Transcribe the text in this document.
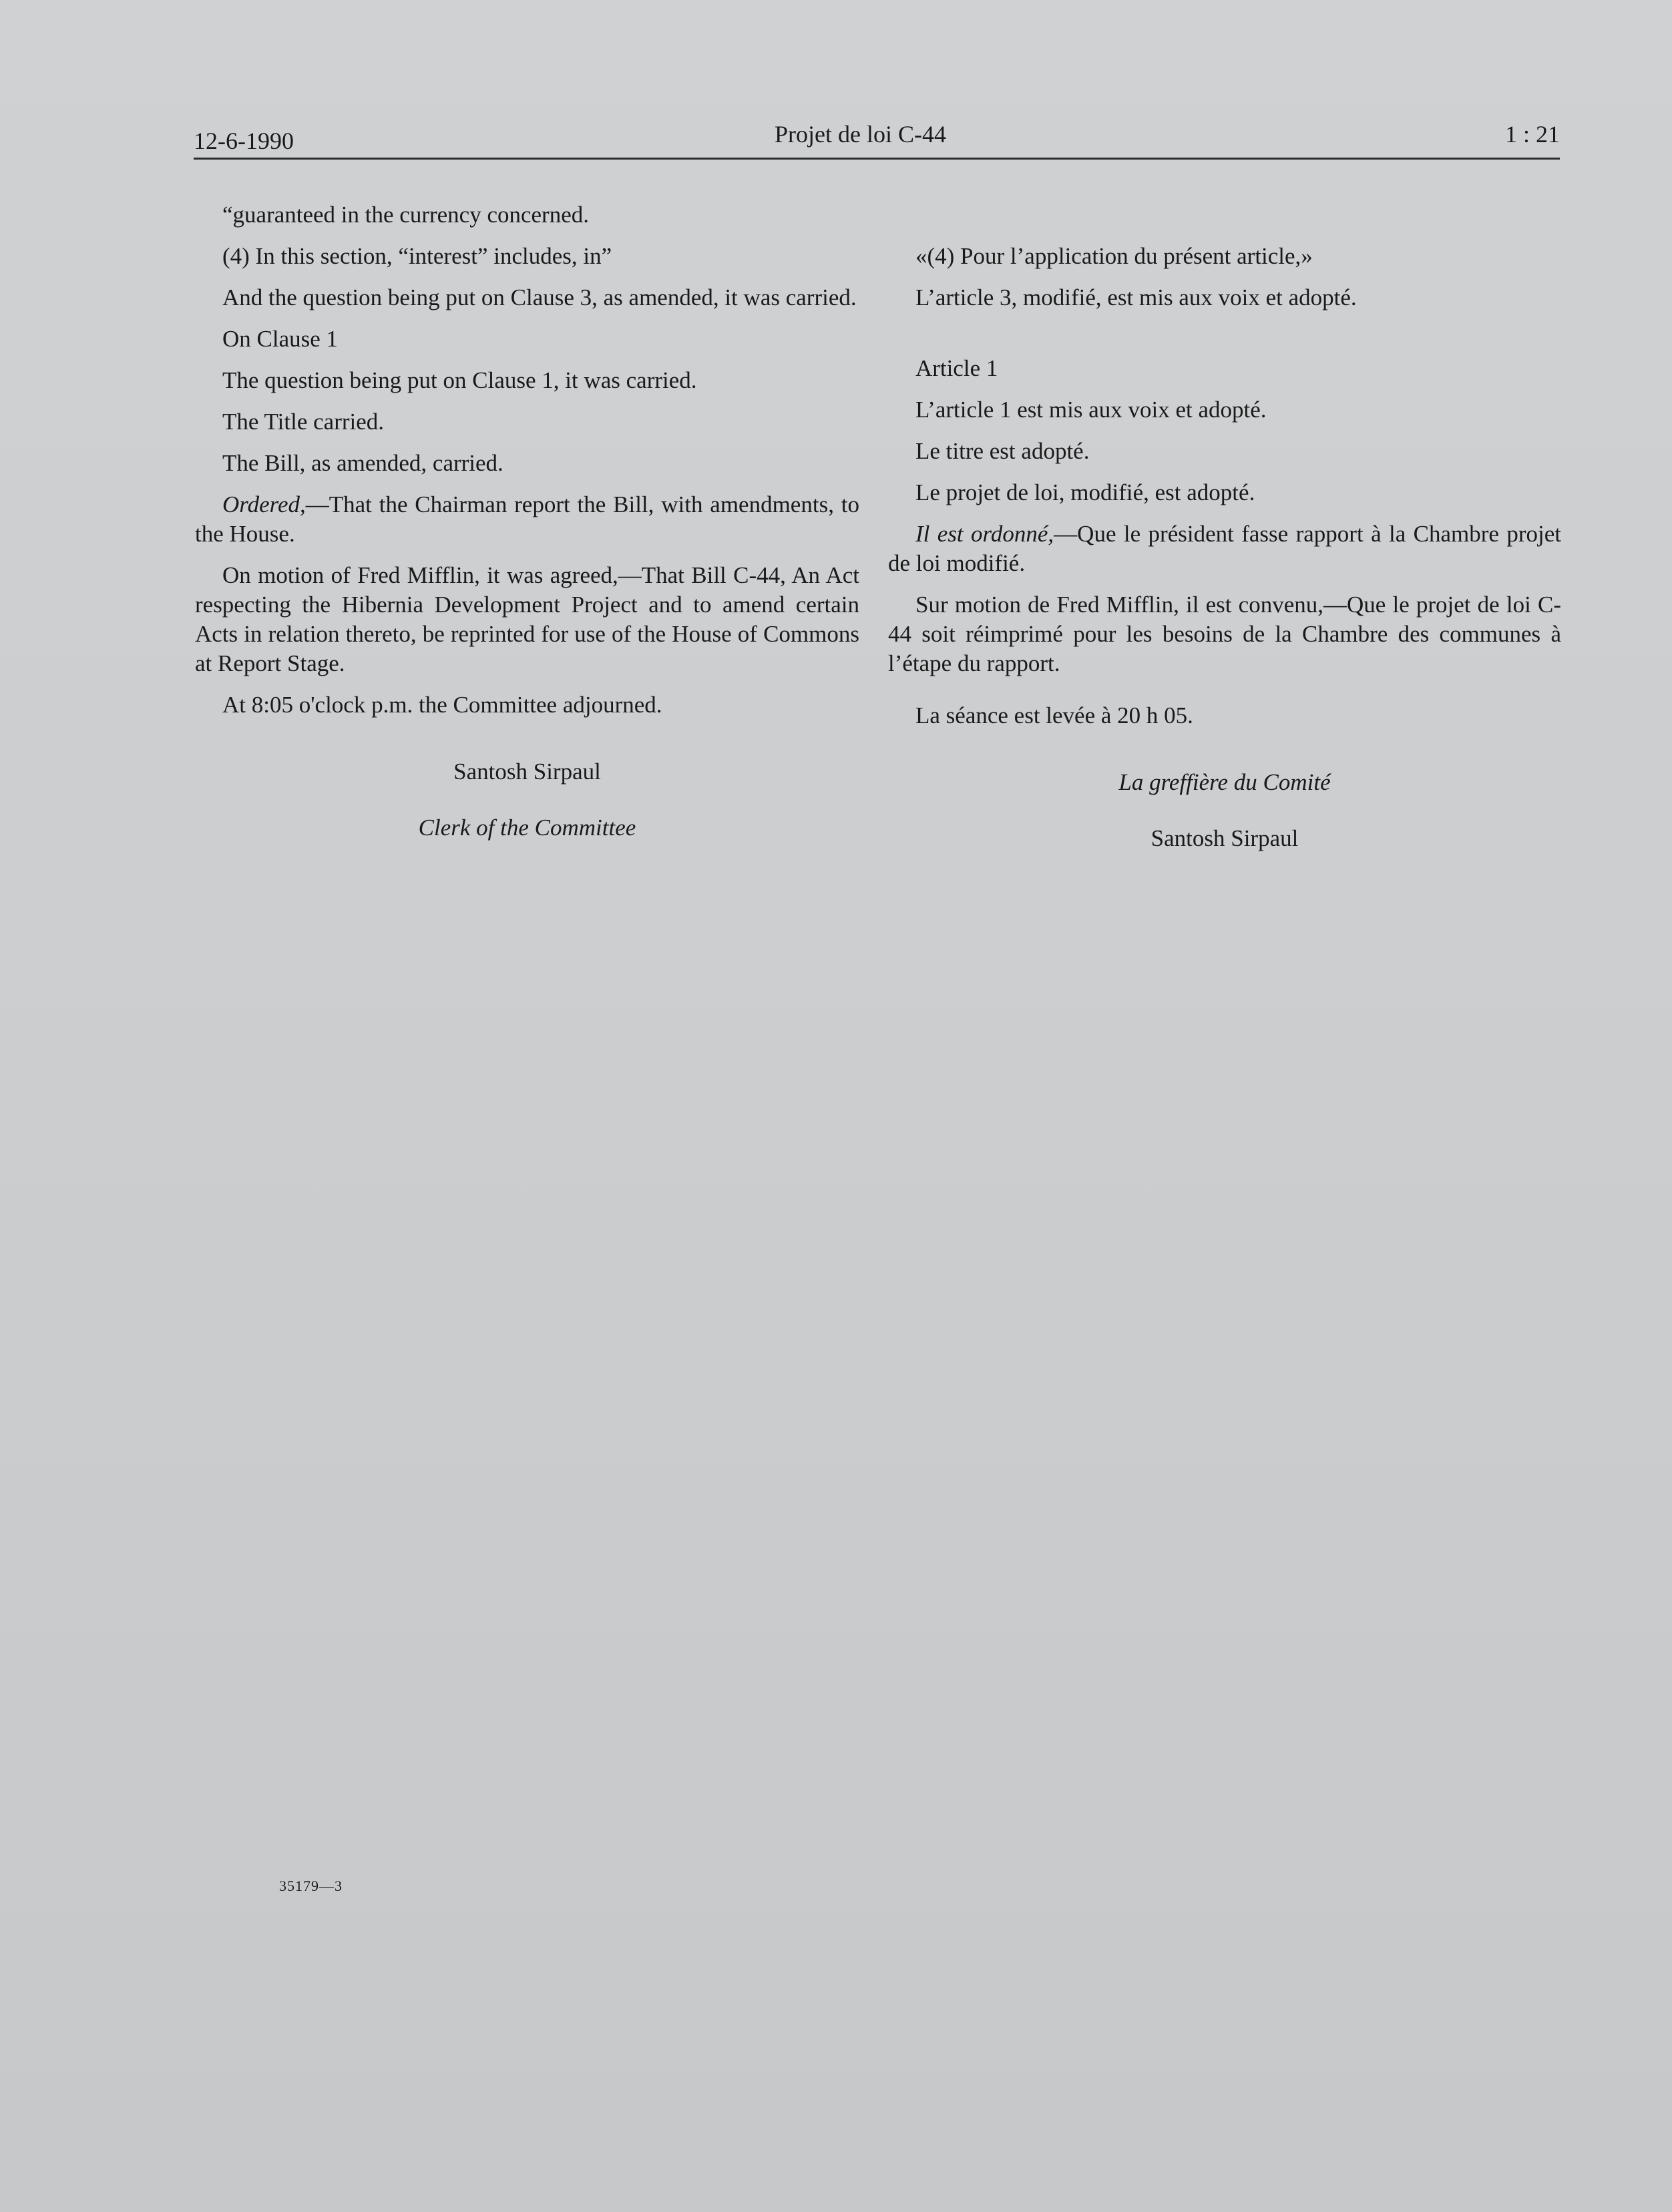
12-6-1990	Projet de loi C-44	1 : 21

“guaranteed in the currency concerned.

(4) In this section, “interest” includes, in”

And the question being put on Clause 3, as amended, it was carried.

On Clause 1

The question being put on Clause 1, it was carried.

The Title carried.

The Bill, as amended, carried.

Ordered,—That the Chairman report the Bill, with amendments, to the House.

On motion of Fred Mifflin, it was agreed,—That Bill C-44, An Act respecting the Hibernia Development Project and to amend certain Acts in relation thereto, be reprinted for use of the House of Commons at Report Stage.

At 8:05 o'clock p.m. the Committee adjourned.

Santosh Sirpaul

Clerk of the Committee

«(4) Pour l’application du présent article,»

L’article 3, modifié, est mis aux voix et adopté.

Article 1

L’article 1 est mis aux voix et adopté.

Le titre est adopté.

Le projet de loi, modifié, est adopté.

Il est ordonné,—Que le président fasse rapport à la Chambre projet de loi modifié.

Sur motion de Fred Mifflin, il est convenu,—Que le projet de loi C-44 soit réimprimé pour les besoins de la Chambre des communes à l’étape du rapport.

La séance est levée à 20 h 05.

La greffière du Comité

Santosh Sirpaul

35179—3
